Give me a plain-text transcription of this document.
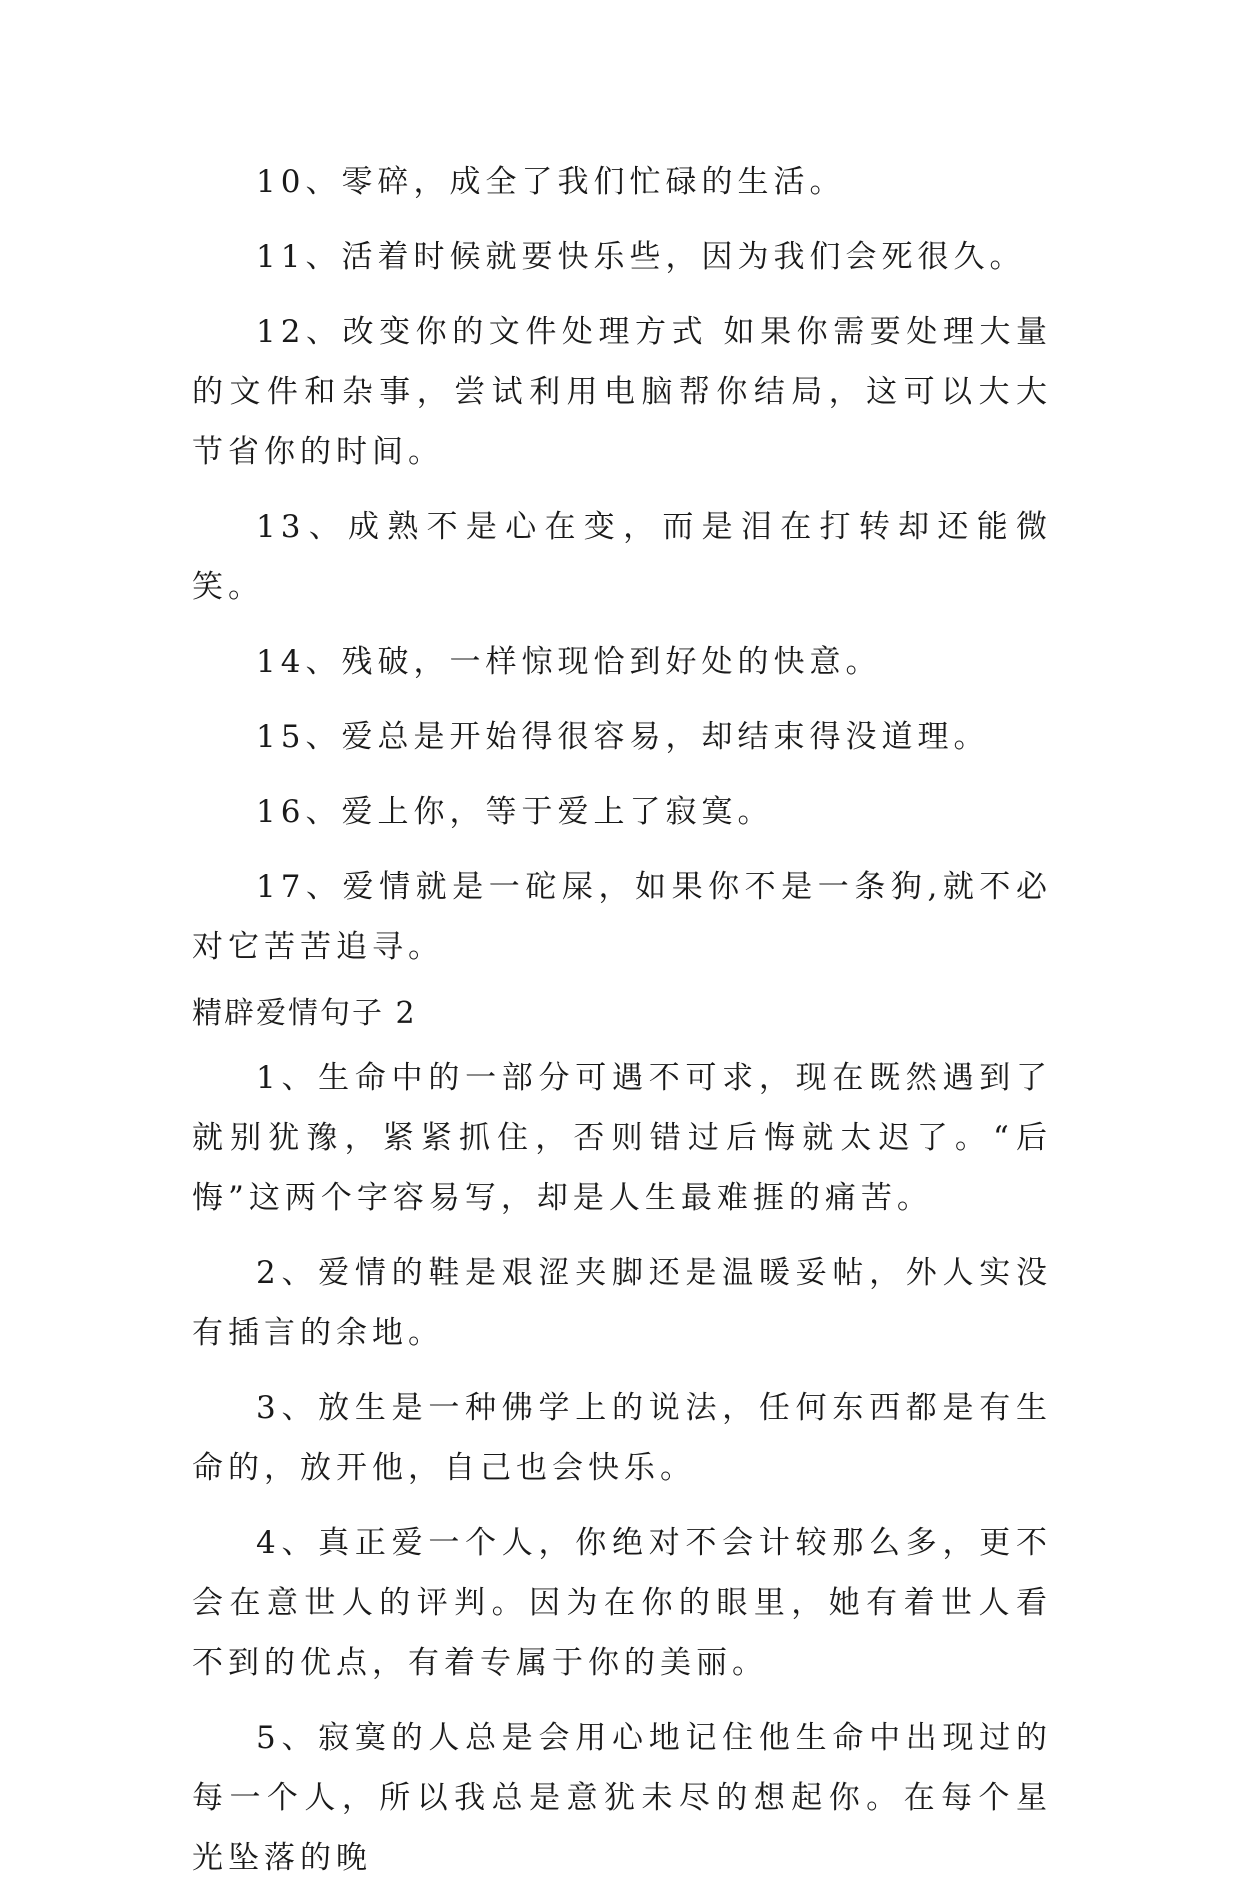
10、零碎，成全了我们忙碌的生活。

11、活着时候就要快乐些，因为我们会死很久。

12、改变你的文件处理方式 如果你需要处理大量的文件和杂事，尝试利用电脑帮你结局，这可以大大节省你的时间。

13、成熟不是心在变，而是泪在打转却还能微笑。

14、残破，一样惊现恰到好处的快意。

15、爱总是开始得很容易，却结束得没道理。

16、爱上你，等于爱上了寂寞。

17、爱情就是一砣屎，如果你不是一条狗,就不必对它苦苦追寻。

精辟爱情句子 2

1、生命中的一部分可遇不可求，现在既然遇到了就别犹豫，紧紧抓住，否则错过后悔就太迟了。“后悔”这两个字容易写，却是人生最难捱的痛苦。

2、爱情的鞋是艰涩夹脚还是温暖妥帖，外人实没有插言的余地。

3、放生是一种佛学上的说法，任何东西都是有生命的，放开他，自己也会快乐。

4、真正爱一个人，你绝对不会计较那么多，更不会在意世人的评判。因为在你的眼里，她有着世人看不到的优点，有着专属于你的美丽。

5、寂寞的人总是会用心地记住他生命中出现过的每一个人，所以我总是意犹未尽的想起你。在每个星光坠落的晚
